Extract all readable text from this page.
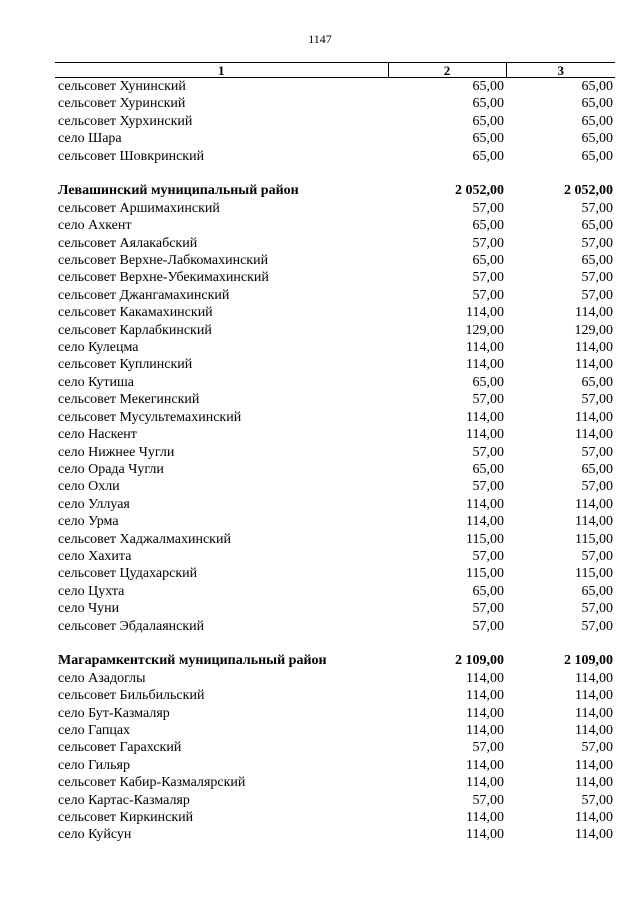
1147
1	2	3
сельсовет Хунинский	65,00	65,00
сельсовет Хуринский	65,00	65,00
сельсовет Хурхинский	65,00	65,00
село Шара	65,00	65,00
сельсовет Шовкринский	65,00	65,00

Левашинский муниципальный район	2 052,00	2 052,00
сельсовет Аршимахинский	57,00	57,00
село Ахкент	65,00	65,00
сельсовет Аялакабский	57,00	57,00
сельсовет Верхне-Лабкомахинский	65,00	65,00
сельсовет Верхне-Убекимахинский	57,00	57,00
сельсовет Джангамахинский	57,00	57,00
сельсовет Какамахинский	114,00	114,00
сельсовет Карлабкинский	129,00	129,00
село Кулецма	114,00	114,00
сельсовет Куплинский	114,00	114,00
село Кутиша	65,00	65,00
сельсовет Мекегинский	57,00	57,00
сельсовет Мусультемахинский	114,00	114,00
село Наскент	114,00	114,00
село Нижнее Чугли	57,00	57,00
село Орада Чугли	65,00	65,00
село Охли	57,00	57,00
село Уллуая	114,00	114,00
село Урма	114,00	114,00
сельсовет Хаджалмахинский	115,00	115,00
село Хахита	57,00	57,00
сельсовет Цудахарский	115,00	115,00
село Цухта	65,00	65,00
село Чуни	57,00	57,00
сельсовет Эбдалаянский	57,00	57,00

Магарамкентский муниципальный район	2 109,00	2 109,00
село Азадоглы	114,00	114,00
сельсовет Бильбильский	114,00	114,00
село Бут-Казмаляр	114,00	114,00
село Гапцах	114,00	114,00
сельсовет Гарахский	57,00	57,00
село Гильяр	114,00	114,00
сельсовет Кабир-Казмалярский	114,00	114,00
село Картас-Казмаляр	57,00	57,00
сельсовет Киркинский	114,00	114,00
село Куйсун	114,00	114,00
